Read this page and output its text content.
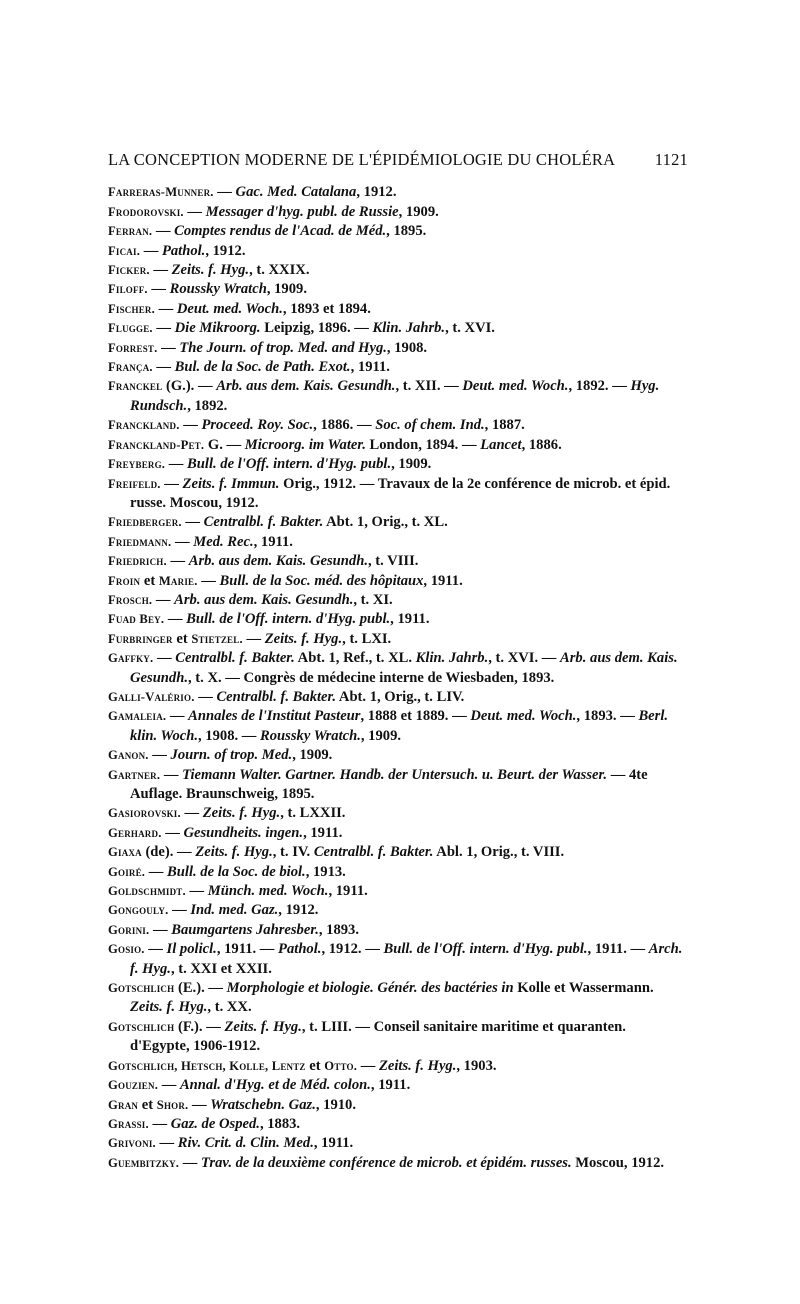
LA CONCEPTION MODERNE DE L'ÉPIDÉMIOLOGIE DU CHOLÉRA 1121

Farreras-Munner. — Gac. Med. Catalana, 1912.

Frodorovski. — Messager d'hyg. publ. de Russie, 1909.

Ferran. — Comptes rendus de l'Acad. de Méd., 1895.

Ficai. — Pathol., 1912.

Ficker. — Zeits. f. Hyg., t. XXIX.

Filoff. — Roussky Wratch, 1909.

Fischer. — Deut. med. Woch., 1893 et 1894.

Flugge. — Die Mikroorg. Leipzig, 1896. — Klin. Jahrb., t. XVI.

Forrest. — The Journ. of trop. Med. and Hyg., 1908.

França. — Bul. de la Soc. de Path. Exot., 1911.

Franckel (G.). — Arb. aus dem. Kais. Gesundh., t. XII. — Deut. med. Woch., 1892. — Hyg. Rundsch., 1892.

Franckland. — Proceed. Roy. Soc., 1886. — Soc. of chem. Ind., 1887.

Franckland-Pet. G. — Microorg. im Water. London, 1894. — Lancet, 1886.

Freyberg. — Bull. de l'Off. intern. d'Hyg. publ., 1909.

Freifeld. — Zeits. f. Immun. Orig., 1912. — Travaux de la 2e conférence de microb. et épid. russe. Moscou, 1912.

Friedberger. — Centralbl. f. Bakter. Abt. 1, Orig., t. XL.

Friedmann. — Med. Rec., 1911.

Friedrich. — Arb. aus dem. Kais. Gesundh., t. VIII.

Froin et Marie. — Bull. de la Soc. méd. des hôpitaux, 1911.

Frosch. — Arb. aus dem. Kais. Gesundh., t. XI.

Fuad Bey. — Bull. de l'Off. intern. d'Hyg. publ., 1911.

Furbringer et Stietzel. — Zeits. f. Hyg., t. LXI.

Gaffky. — Centralbl. f. Bakter. Abt. 1, Ref., t. XL. Klin. Jahrb., t. XVI. — Arb. aus dem. Kais. Gesundh., t. X. — Congrès de médecine interne de Wiesbaden, 1893.

Galli-Valério. — Centralbl. f. Bakter. Abt. 1, Orig., t. LIV.

Gamaleia. — Annales de l'Institut Pasteur, 1888 et 1889. — Deut. med. Woch., 1893. — Berl. klin. Woch., 1908. — Roussky Wratch., 1909.

Ganon. — Journ. of trop. Med., 1909.

Gartner. — Tiemann Walter. Gartner. Handb. der Untersuch. u. Beurt. der Wasser. — 4te Auflage. Braunschweig, 1895.

Gasiorovski. — Zeits. f. Hyg., t. LXXII.

Gerhard. — Gesundheits. ingen., 1911.

Giaxa (de). — Zeits. f. Hyg., t. IV. Centralbl. f. Bakter. Abl. 1, Orig., t. VIII.

Goiré. — Bull. de la Soc. de biol., 1913.

Goldschmidt. — Münch. med. Woch., 1911.

Gongouly. — Ind. med. Gaz., 1912.

Gorini. — Baumgartens Jahresber., 1893.

Gosio. — Il policl., 1911. — Pathol., 1912. — Bull. de l'Off. intern. d'Hyg. publ., 1911. — Arch. f. Hyg., t. XXI et XXII.

Gotschlich (E.). — Morphologie et biologie. Génér. des bactéries in Kolle et Wassermann. Zeits. f. Hyg., t. XX.

Gotschlich (F.). — Zeits. f. Hyg., t. LIII. — Conseil sanitaire maritime et quaranten. d'Egypte, 1906-1912.

Gotschlich, Hetsch, Kolle, Lentz et Otto. — Zeits. f. Hyg., 1903.

Gouzien. — Annal. d'Hyg. et de Méd. colon., 1911.

Gran et Shor. — Wratschebn. Gaz., 1910.

Grassi. — Gaz. de Osped., 1883.

Grivoni. — Riv. Crit. d. Clin. Med., 1911.

Guembitzky. — Trav. de la deuxième conférence de microb. et épidém. russes. Moscou, 1912.
